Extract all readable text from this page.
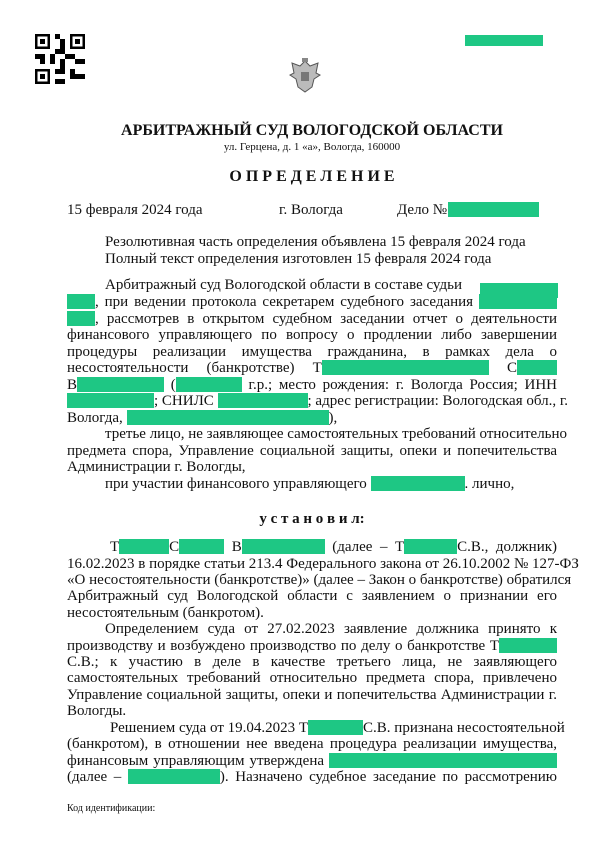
АРБИТРАЖНЫЙ СУД ВОЛОГОДСКОЙ ОБЛАСТИ
ул. Герцена, д. 1 «а», Вологда, 160000
О П Р Е Д Е Л Е Н И Е
15 февраля 2024 года	г. Вологда	Дело №
Резолютивная часть определения объявлена 15 февраля 2024 года
Полный текст определения изготовлен 15 февраля 2024 года
Арбитражный суд Вологодской области в составе судьи
, при ведении протокола секретарем судебного заседания
, рассмотрев в открытом судебном заседании отчет о деятельности
финансового управляющего по вопросу о продлении либо завершении
процедуры реализации имущества гражданина, в рамках дела о
несостоятельности (банкротстве) Т	С
В	(	г.р.; место рождения: г. Вологда Россия; ИНН
; СНИЛС	; адрес регистрации: Вологодская обл., г.
Вологда,	),
третье лицо, не заявляющее самостоятельных требований относительно
предмета спора, Управление социальной защиты, опеки и попечительства
Администрации г. Вологды,
при участии финансового управляющего	. лично,
у с т а н о в и л:
Т	С	В	(далее – Т	С.В., должник)
16.02.2023 в порядке статьи 213.4 Федерального закона от 26.10.2002 № 127-ФЗ
«О несостоятельности (банкротстве)» (далее – Закон о банкротстве) обратился
Арбитражный суд Вологодской области с заявлением о признании его
несостоятельным (банкротом).
Определением суда от 27.02.2023 заявление должника принято к
производству и возбуждено производство по делу о банкротстве Т
С.В.; к участию в деле в качестве третьего лица, не заявляющего
самостоятельных требований относительно предмета спора, привлечено
Управление социальной защиты, опеки и попечительства Администрации г.
Вологды.
Решением суда от 19.04.2023 Т	С.В. признана несостоятельной
(банкротом), в отношении нее введена процедура реализации имущества,
финансовым управляющим утверждена
(далее –	). Назначено судебное заседание по рассмотрению
Код идентификации:
